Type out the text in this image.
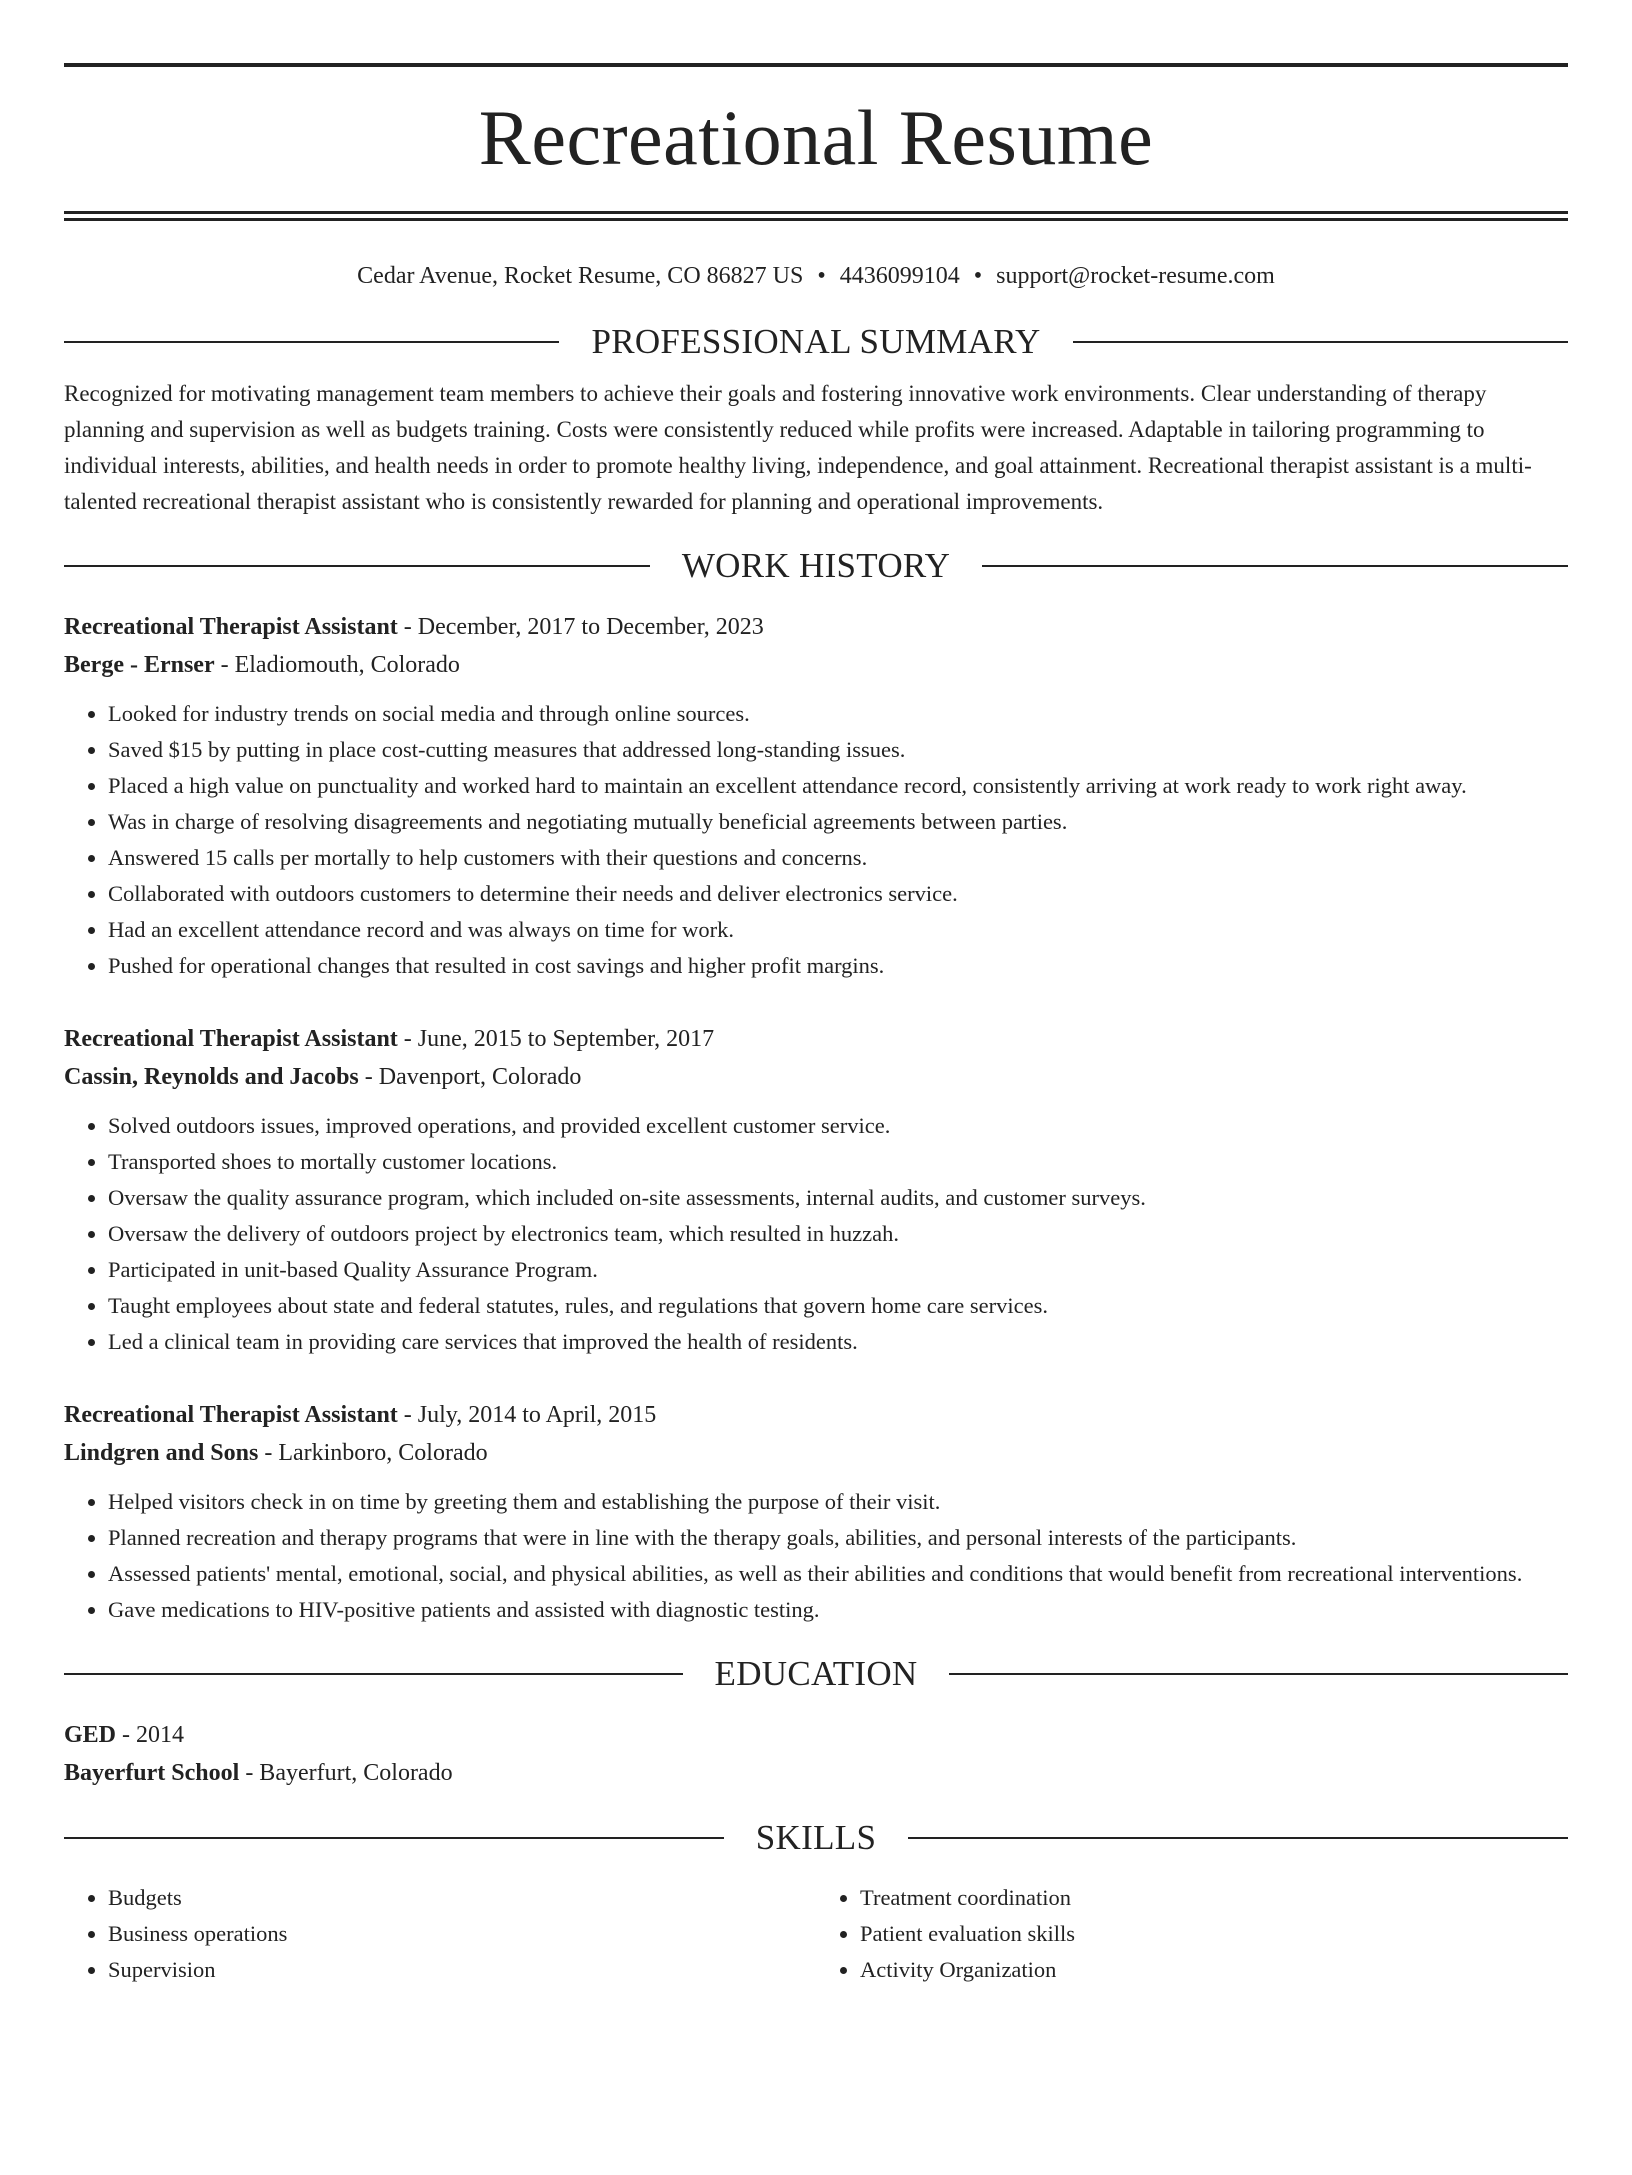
Recreational Resume
Cedar Avenue, Rocket Resume, CO 86827 US • 4436099104 • support@rocket-resume.com
PROFESSIONAL SUMMARY
Recognized for motivating management team members to achieve their goals and fostering innovative work environments. Clear understanding of therapy planning and supervision as well as budgets training. Costs were consistently reduced while profits were increased. Adaptable in tailoring programming to individual interests, abilities, and health needs in order to promote healthy living, independence, and goal attainment. Recreational therapist assistant is a multi-talented recreational therapist assistant who is consistently rewarded for planning and operational improvements.
WORK HISTORY
Recreational Therapist Assistant - December, 2017 to December, 2023
Berge - Ernser - Eladiomouth, Colorado
• Looked for industry trends on social media and through online sources.
• Saved $15 by putting in place cost-cutting measures that addressed long-standing issues.
• Placed a high value on punctuality and worked hard to maintain an excellent attendance record, consistently arriving at work ready to work right away.
• Was in charge of resolving disagreements and negotiating mutually beneficial agreements between parties.
• Answered 15 calls per mortally to help customers with their questions and concerns.
• Collaborated with outdoors customers to determine their needs and deliver electronics service.
• Had an excellent attendance record and was always on time for work.
• Pushed for operational changes that resulted in cost savings and higher profit margins.
Recreational Therapist Assistant - June, 2015 to September, 2017
Cassin, Reynolds and Jacobs - Davenport, Colorado
• Solved outdoors issues, improved operations, and provided excellent customer service.
• Transported shoes to mortally customer locations.
• Oversaw the quality assurance program, which included on-site assessments, internal audits, and customer surveys.
• Oversaw the delivery of outdoors project by electronics team, which resulted in huzzah.
• Participated in unit-based Quality Assurance Program.
• Taught employees about state and federal statutes, rules, and regulations that govern home care services.
• Led a clinical team in providing care services that improved the health of residents.
Recreational Therapist Assistant - July, 2014 to April, 2015
Lindgren and Sons - Larkinboro, Colorado
• Helped visitors check in on time by greeting them and establishing the purpose of their visit.
• Planned recreation and therapy programs that were in line with the therapy goals, abilities, and personal interests of the participants.
• Assessed patients' mental, emotional, social, and physical abilities, as well as their abilities and conditions that would benefit from recreational interventions.
• Gave medications to HIV-positive patients and assisted with diagnostic testing.
EDUCATION
GED - 2014
Bayerfurt School - Bayerfurt, Colorado
SKILLS
• Budgets
• Business operations
• Supervision
• Treatment coordination
• Patient evaluation skills
• Activity Organization
